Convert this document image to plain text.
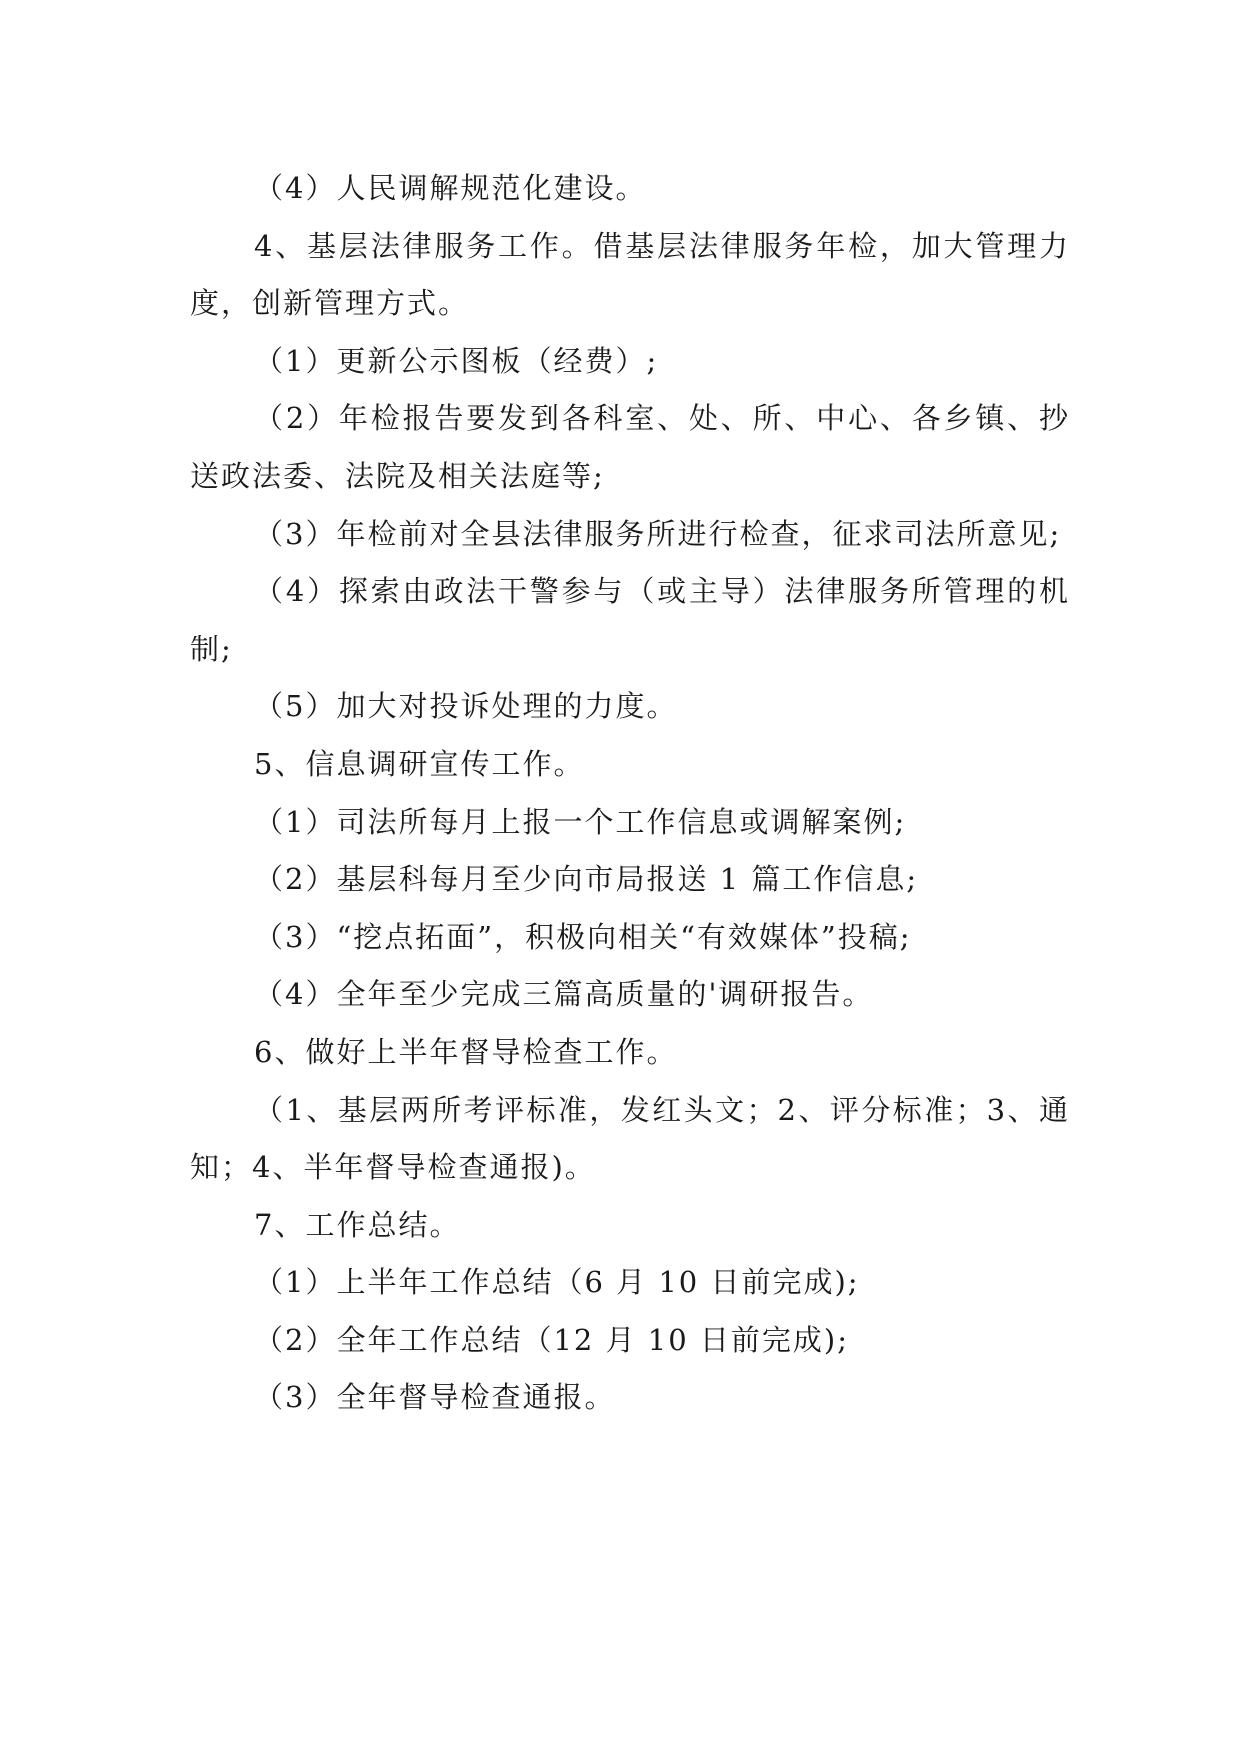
（4）人民调解规范化建设。

4、基层法律服务工作。借基层法律服务年检，加大管理力度，创新管理方式。

（1）更新公示图板（经费）;

（2）年检报告要发到各科室、处、所、中心、各乡镇、抄送政法委、法院及相关法庭等;

（3）年检前对全县法律服务所进行检查，征求司法所意见;

（4）探索由政法干警参与（或主导）法律服务所管理的机制;

（5）加大对投诉处理的力度。

5、信息调研宣传工作。

（1）司法所每月上报一个工作信息或调解案例;

（2）基层科每月至少向市局报送 1 篇工作信息;

（3）“挖点拓面”，积极向相关“有效媒体”投稿;

（4）全年至少完成三篇高质量的'调研报告。

6、做好上半年督导检查工作。

（1、基层两所考评标准，发红头文；2、评分标准；3、通知；4、半年督导检查通报)。

7、工作总结。

（1）上半年工作总结（6 月 10 日前完成);

（2）全年工作总结（12 月 10 日前完成);

（3）全年督导检查通报。
